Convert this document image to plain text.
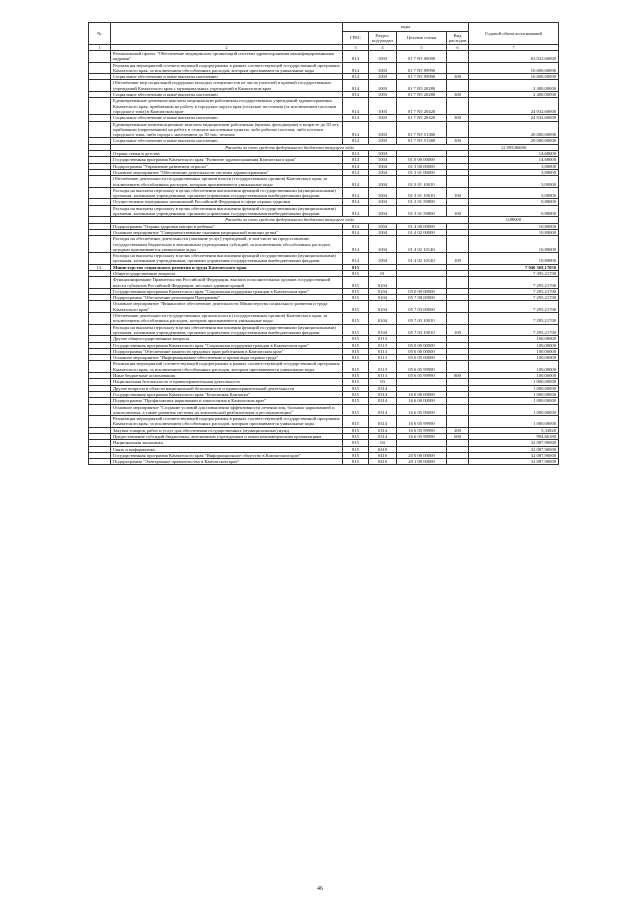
№		коды				Годовой объем ассигнований
		ГРБС	Раздел, под-раздел	Целевая статья	Вид расходов	
1	2	3	4	5	6	7
	Региональный проект "Обеспечение медицинских организаций системы здравоохранения квалифицированными кадрами"	814	1003	01 7 N5 00000		63 032,60000
	Реализация мероприятий соответствующей подпрограммы в рамках соответствующей государственной программы Камчатского края, за исключением обособленных расходов, которым присваиваются уникальные коды	814	1003	01 7 N5 99990		16 600,00000
	Социальное обеспечение и иные выплаты населению	814	1003	01 7 N5 99990	300	16 600,00000
	Обеспечение мер социальной поддержки молодых специалистов из числа учителей в краевой государственных учреждений Камчатского края с муниципальных учреждений в Камчатском крае	814	1003	01 7 N5 20280		2 400,00000
	Социальное обеспечение и иные выплаты населению	814	1003	01 7 N5 20280	300	2 400,00000
	Единовременные денежные выплаты медицинским работникам государственных учреждений здравоохранения Камчатского края, прибывшим на работу в городские округа края (сельские поселения (за исключением поселков городского типа) в Камчатском крае	814	1003	01 7 N5 20420		24 032,60000
	Социальное обеспечение и иные выплаты населению	814	1003	01 7 N5 20420	300	24 032,60000
	Единовременные компенсационные выплаты медицинским работникам (врачам, фельдшерам) в возрасте до 50 лет, прибывшим (переехавшим) на работу в сельские населенные пункты, либо рабочие поселки, либо поселки городского типа, либо города с населением до 50 тыс. человек	814	1003	01 7 N5 51380		20 000,00000
	Социальное обеспечение и иные выплаты населению	814	1003	01 7 N5 51380	300	20 000,00000
	Расходы за счет средств федерального бюджета текущего года					12 095,86600
	Охрана семьи и детства	814	1004			14,68000
	Государственная программа Камчатского края "Развитие здравоохранения Камчатского края"	814	1004	01 0 00 00000		14,68000
	Подпрограмма "Управление развитием отрасли"	814	1004	01 3 00 00000		3,88000
	Основное мероприятие "Обеспечение деятельности системы здравоохранения"	814	1004	01 3 01 00000		3,88000
	Обеспечение деятельности государственных органов власти (государственных органов) Камчатского края, за исключением обособленных расходов, которым присваиваются уникальные коды	814	1004	01 3 01 10010		3,00000
	Расходы на выплаты персоналу в целях обеспечения выполнения функций государственными (муниципальными) органами, казенными учреждениями, органами управления государственными внебюджетными фондами	814	1004	01 3 01 10010	100	3,00000
	Осуществление переданных полномочий Российской Федерации в сфере охраны здоровья	814	1004	01 3 01 59800		0,88000
	Расходы на выплаты персоналу в целях обеспечения выполнения функций государственными (муниципальными) органами, казенными учреждениями, органами управления государственными внебюджетными фондами	814	1004	01 3 01 59800	100	0,88000
	Расходы за счет средств федерального бюджета текущего года					0,88000
	Подпрограмма "Охрана здоровья матери и ребенка"	814	1004	01 4 00 00000		10,80000
	Основное мероприятие "Совершенствование оказания медицинской помощи детям"	814	1004	01 4 02 00000		10,80000
	Расходы на обеспечение деятельности (оказание услуг) учреждений, в том числе на предоставление государственным бюджетным и автономным учреждениям субсидий, за исключением обособленных расходов, которым присваиваются уникальные коды	814	1004	01 4 02 10140		10,80000
	Расходы на выплаты персоналу в целях обеспечения выполнения функций государственными (муниципальными) органами, казенными учреждениями, органами управления государственными внебюджетными фондами	814	1004	01 4 02 10140	100	10,80000
13.	Министерство социального развития и труда Камчатского края	815				7 946 368,17050
	Общегосударственные вопросы	815	01			7 395,21700
	Функционирование Правительства Российской Федерации, высших исполнительных органов государственной власти субъектов Российской Федерации, местных администраций	815	0104			7 295,21700
	Государственная программа Камчатского края "Социальная поддержка граждан в Камчатском крае"	815	0104	05 0 00 00000		7 295,21700
	Подпрограмма "Обеспечение реализации Программы"	815	0104	05 7 00 00000		7 295,21700
	Основное мероприятие "Финансовое обеспечение деятельности Министерства социального развития и труда Камчатского края"	815	0104	05 7 03 00000		7 295,21700
	Обеспечение деятельности государственных органов власти (государственных органов) Камчатского края, за исключением обособленных расходов, которым присваиваются уникальные коды	815	0104	05 7 03 10010		7 295,21700
	Расходы на выплаты персоналу в целях обеспечения выполнения функций государственными (муниципальными) органами, казенными учреждениями, органами управления государственными внебюджетными фондами	815	0104	05 7 03 10010	100	7 295,21700
	Другие общегосударственные вопросы	815	0113			100,00000
	Государственная программа Камчатского края "Социальная поддержка граждан в Камчатском крае"	815	0113	05 0 00 00000		100,00000
	Подпрограмма "Обеспечение занятости трудовых прав работников в Камчатском крае"	815	0113	05 6 00 00000		100,00000
	Основное мероприятие "Информационное обеспечение и пропаганда охраны труда"	815	0113	05 6 05 00000		100,00000
	Реализация мероприятий соответствующей подпрограммы в рамках соответствующей государственной программы Камчатского края, за исключением обособленных расходов, которым присваиваются уникальные коды	815	0113	05 6 05 99990		100,00000
	Иные бюджетные ассигнования	815	0113	05 6 05 99990	800	100,00000
	Национальная безопасность и правоохранительная деятельность	815	03			1 000,00000
	Другие вопросы в области национальной безопасности и правоохранительной деятельности	815	0314			1 000,00000
	Государственная программа Камчатского края "Безопасная Камчатка"	815	0314	16 0 00 00000		1 000,00000
	Подпрограмма "Профилактика наркомании и алкоголизма в Камчатском крае"	815	0314	16 6 00 00000		1 000,00000
	Основное мероприятие "Создание условий для повышения эффективности лечения лиц, больных наркоманией и алкоголизмом, а также развития системы их комплексной реабилитации и ресоциализации"	815	0314	16 6 05 00000		1 000,00000
	Реализация мероприятий соответствующей подпрограммы в рамках соответствующей государственной программы Камчатского края, за исключением обособленных расходов, которым присваиваются уникальные коды	815	0314	16 6 05 99990		1 000,00000
	Закупка товаров, работ и услуг для обеспечения государственных (муниципальных) нужд	815	0314	16 6 05 99990	200	5,33820
	Предоставление субсидий бюджетным, автономным учреждениям и иным некоммерческим организациям	815	0314	16 6 05 99990	600	994,66180
	Национальная экономика	815	04			32 087,90000
	Связь и информатика	815	0410			32 087,90000
	Государственная программа Камчатского края "Информационное общество в Камчатском крае"	815	0410	20 0 00 00000		32 087,90000
	Подпрограмма "Электронное правительство в Камчатском крае"	815	0410	20 1 00 00000		32 087,90000
46
